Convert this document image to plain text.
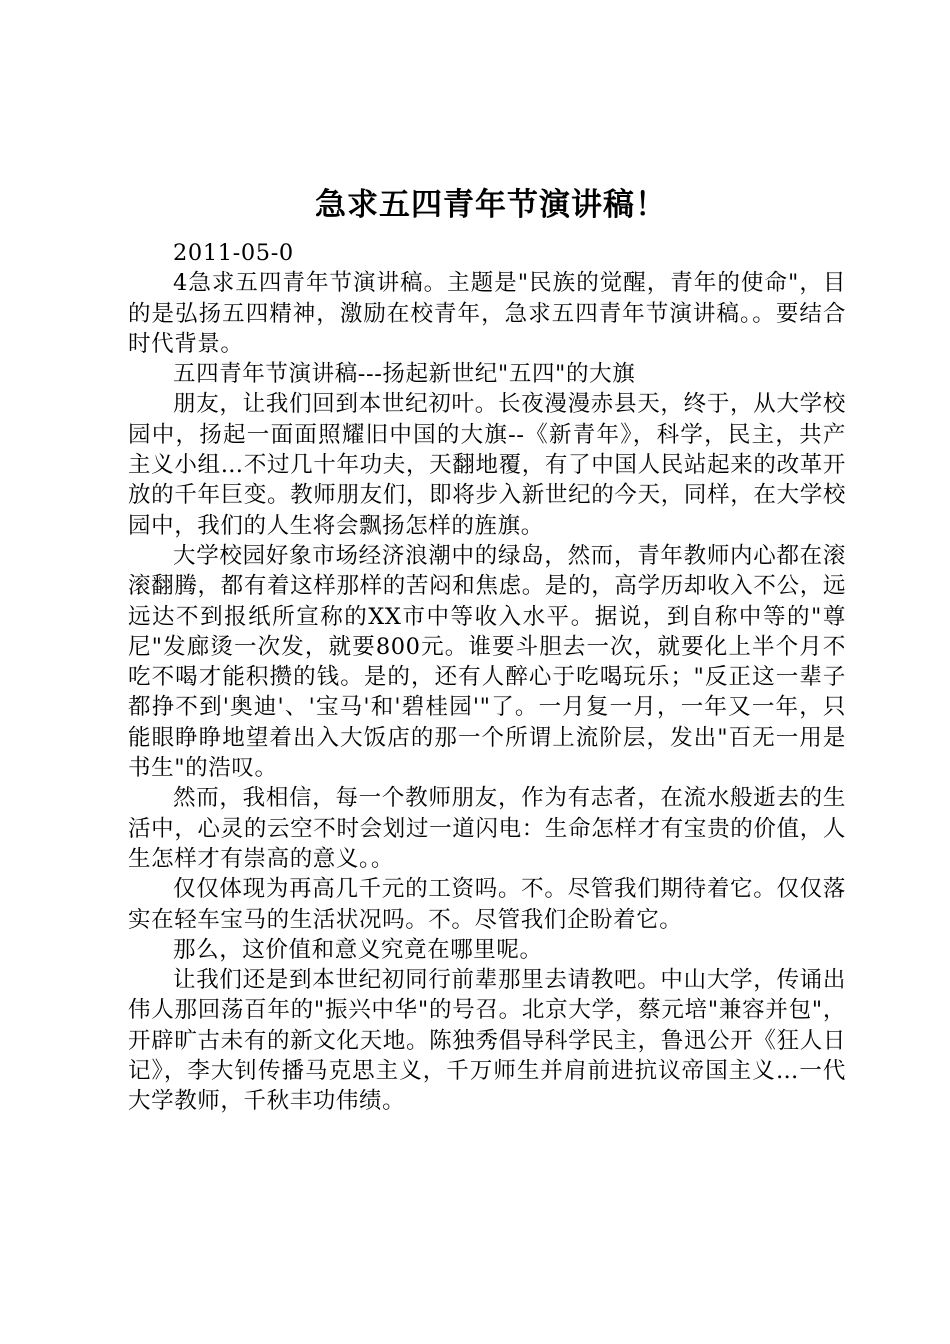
急求五四青年节演讲稿！

2011-05-0

4急求五四青年节演讲稿。主题是"民族的觉醒，青年的使命"，目的是弘扬五四精神，激励在校青年，急求五四青年节演讲稿。。要结合时代背景。

五四青年节演讲稿---扬起新世纪"五四"的大旗

朋友，让我们回到本世纪初叶。长夜漫漫赤县天，终于，从大学校园中，扬起一面面照耀旧中国的大旗--《新青年》，科学，民主，共产主义小组…不过几十年功夫，天翻地覆，有了中国人民站起来的改革开放的千年巨变。教师朋友们，即将步入新世纪的今天，同样，在大学校园中，我们的人生将会飘扬怎样的旌旗。

大学校园好象市场经济浪潮中的绿岛，然而，青年教师内心都在滚滚翻腾，都有着这样那样的苦闷和焦虑。是的，高学历却收入不公，远远达不到报纸所宣称的XX市中等收入水平。据说，到自称中等的"尊尼"发廊烫一次发，就要800元。谁要斗胆去一次，就要化上半个月不吃不喝才能积攒的钱。是的，还有人醉心于吃喝玩乐；"反正这一辈子都挣不到'奥迪'、'宝马'和'碧桂园'"了。一月复一月，一年又一年，只能眼睁睁地望着出入大饭店的那一个所谓上流阶层，发出"百无一用是书生"的浩叹。

然而，我相信，每一个教师朋友，作为有志者，在流水般逝去的生活中，心灵的云空不时会划过一道闪电：生命怎样才有宝贵的价值，人生怎样才有崇高的意义。。

仅仅体现为再高几千元的工资吗。不。尽管我们期待着它。仅仅落实在轻车宝马的生活状况吗。不。尽管我们企盼着它。

那么，这价值和意义究竟在哪里呢。

让我们还是到本世纪初同行前辈那里去请教吧。中山大学，传诵出伟人那回荡百年的"振兴中华"的号召。北京大学，蔡元培"兼容并包"，开辟旷古未有的新文化天地。陈独秀倡导科学民主，鲁迅公开《狂人日记》，李大钊传播马克思主义，千万师生并肩前进抗议帝国主义…一代大学教师，千秋丰功伟绩。
